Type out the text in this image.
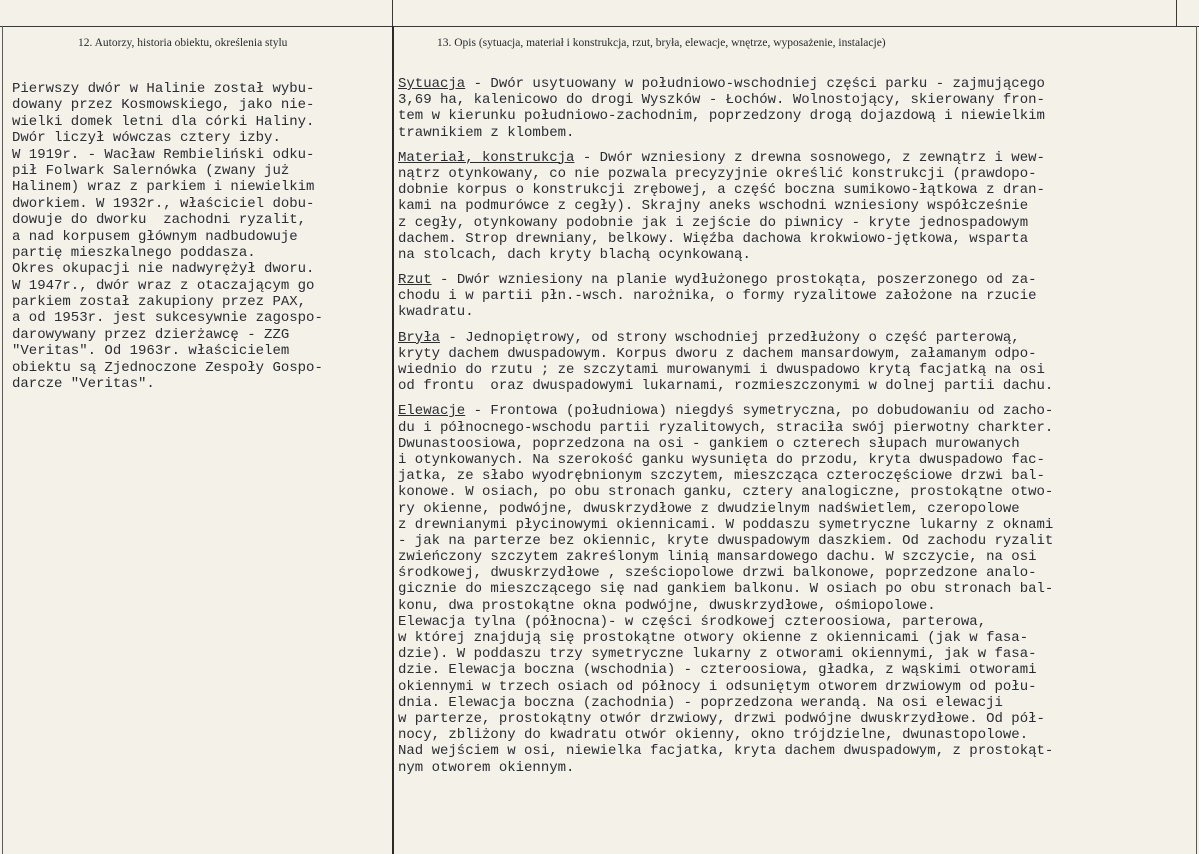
12. Autorzy, historia obiektu, określenia stylu	13. Opis (sytuacja, materiał i konstrukcja, rzut, bryła, elewacje, wnętrze, wyposażenie, instalacje)
Pierwszy dwór w Halinie został wybu-
dowany przez Kosmowskiego, jako nie-
wielki domek letni dla córki Haliny.
Dwór liczył wówczas cztery izby.
W 1919r. - Wacław Rembieliński odku-
pił Folwark Salernówka (zwany już
Halinem) wraz z parkiem i niewielkim
dworkiem. W 1932r., właściciel dobu-
dowuje do dworku  zachodni ryzalit,
a nad korpusem głównym nadbudowuje
partię mieszkalnego poddasza.
Okres okupacji nie nadwyrężył dworu.
W 1947r., dwór wraz z otaczającym go
parkiem został zakupiony przez PAX,
a od 1953r. jest sukcesywnie zagospo-
darowywany przez dzierżawcę - ZZG
"Veritas". Od 1963r. właścicielem
obiektu są Zjednoczone Zespoły Gospo-
darcze "Veritas".
Sytuacja - Dwór usytuowany w południowo-wschodniej części parku - zajmującego
3,69 ha, kalenicowo do drogi Wyszków - Łochów. Wolnostojący, skierowany fron-
tem w kierunku południowo-zachodnim, poprzedzony drogą dojazdową i niewielkim
trawnikiem z klombem.
Materiał, konstrukcja - Dwór wzniesiony z drewna sosnowego, z zewnątrz i wew-
nątrz otynkowany, co nie pozwala precyzyjnie określić konstrukcji (prawdopo-
dobnie korpus o konstrukcji zrębowej, a część boczna sumikowo-łątkowa z dran-
kami na podmurówce z cegły). Skrajny aneks wschodni wzniesiony współcześnie
z cegły, otynkowany podobnie jak i zejście do piwnicy - kryte jednospadowym
dachem. Strop drewniany, belkowy. Więźba dachowa krokwiowo-jętkowa, wsparta
na stolcach, dach kryty blachą ocynkowaną.
Rzut - Dwór wzniesiony na planie wydłużonego prostokąta, poszerzonego od za-
chodu i w partii płn.-wsch. narożnika, o formy ryzalitowe założone na rzucie
kwadratu.
Bryła - Jednopiętrowy, od strony wschodniej przedłużony o część parterową,
kryty dachem dwuspadowym. Korpus dworu z dachem mansardowym, załamanym odpo-
wiednio do rzutu ; ze szczytami murowanymi i dwuspadowo krytą facjatką na osi
od frontu  oraz dwuspadowymi lukarnami, rozmieszczonymi w dolnej partii dachu.
Elewacje - Frontowa (południowa) niegdyś symetryczna, po dobudowaniu od zacho-
du i północnego-wschodu partii ryzalitowych, straciła swój pierwotny charkter.
Dwunastoosiowa, poprzedzona na osi - gankiem o czterech słupach murowanych
i otynkowanych. Na szerokość ganku wysunięta do przodu, kryta dwuspadowo fac-
jatka, ze słabo wyodrębnionym szczytem, mieszcząca czteroczęściowe drzwi bal-
konowe. W osiach, po obu stronach ganku, cztery analogiczne, prostokątne otwo-
ry okienne, podwójne, dwuskrzydłowe z dwudzielnym nadświetlem, czeropolowe
z drewnianymi płycinowymi okiennicami. W poddaszu symetryczne lukarny z oknami
- jak na parterze bez okiennic, kryte dwuspadowym daszkiem. Od zachodu ryzalit
zwieńczony szczytem zakreślonym linią mansardowego dachu. W szczycie, na osi
środkowej, dwuskrzydłowe , sześciopolowe drzwi balkonowe, poprzedzone analo-
gicznie do mieszczącego się nad gankiem balkonu. W osiach po obu stronach bal-
konu, dwa prostokątne okna podwójne, dwuskrzydłowe, ośmiopolowe.
Elewacja tylna (północna)- w części środkowej czteroosiowa, parterowa,
w której znajdują się prostokątne otwory okienne z okiennicami (jak w fasa-
dzie). W poddaszu trzy symetryczne lukarny z otworami okiennymi, jak w fasa-
dzie. Elewacja boczna (wschodnia) - czteroosiowa, gładka, z wąskimi otworami
okiennymi w trzech osiach od północy i odsuniętym otworem drzwiowym od połu-
dnia. Elewacja boczna (zachodnia) - poprzedzona werandą. Na osi elewacji
w parterze, prostokątny otwór drzwiowy, drzwi podwójne dwuskrzydłowe. Od pół-
nocy, zbliżony do kwadratu otwór okienny, okno trójdzielne, dwunastopolowe.
Nad wejściem w osi, niewielka facjatka, kryta dachem dwuspadowym, z prostokąt-
nym otworem okiennym.
